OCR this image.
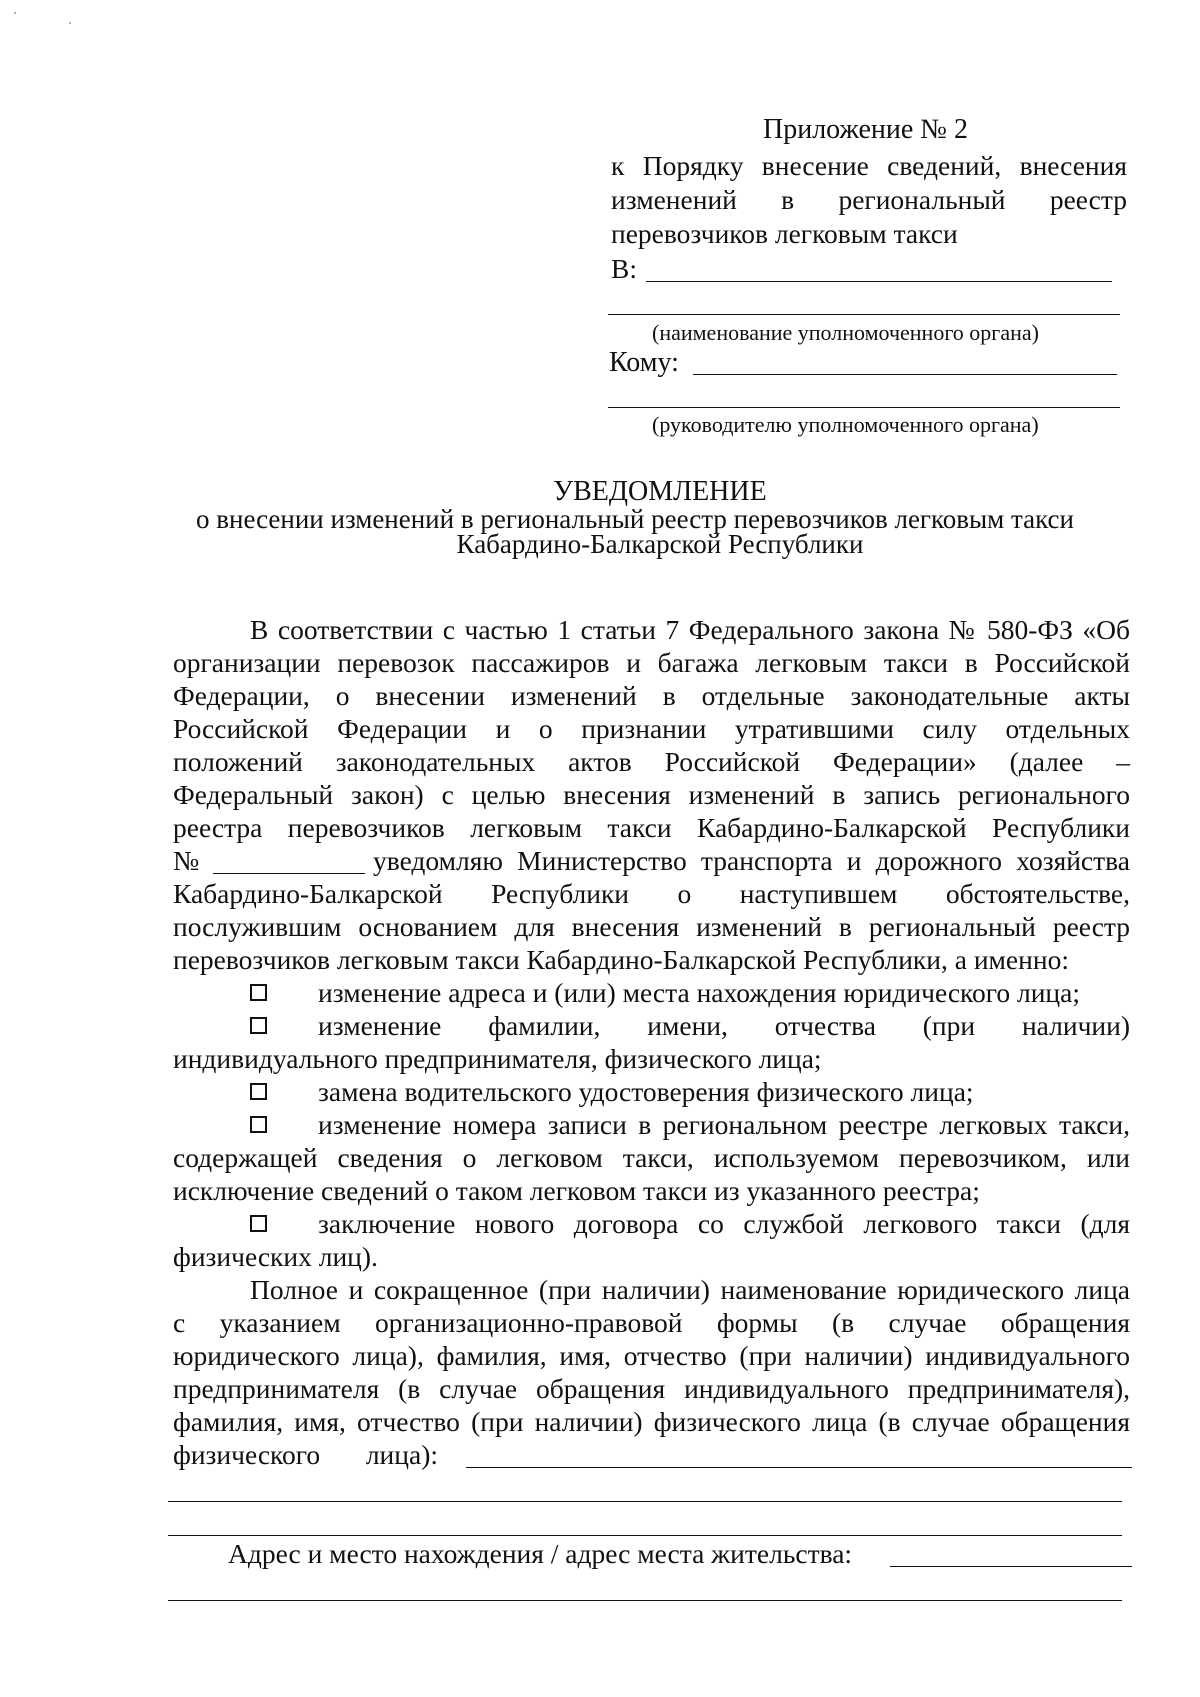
Приложение № 2
к Порядку внесение сведений, внесения
изменений в региональный реестр
перевозчиков легковым такси
В:
(наименование уполномоченного органа)
Кому:
(руководителю уполномоченного органа)
УВЕДОМЛЕНИЕ
о внесении изменений в региональный реестр перевозчиков легковым такси
Кабардино-Балкарской Республики
В соответствии с частью 1 статьи 7 Федерального закона № 580-ФЗ «Об
организации перевозок пассажиров и багажа легковым такси в Российской
Федерации, о внесении изменений в отдельные законодательные акты
Российской Федерации и о признании утратившими силу отдельных
положений законодательных актов Российской Федерации» (далее –
Федеральный закон) с целью внесения изменений в запись регионального
реестра перевозчиков легковым такси Кабардино-Балкарской Республики
№	уведомляю Министерство транспорта и дорожного хозяйства
Кабардино-Балкарской Республики о наступившем обстоятельстве,
послужившим основанием для внесения изменений в региональный реестр
перевозчиков легковым такси Кабардино-Балкарской Республики, а именно:
изменение адреса и (или) места нахождения юридического лица;
изменение фамилии, имени, отчества (при наличии)
индивидуального предпринимателя, физического лица;
замена водительского удостоверения физического лица;
изменение номера записи в региональном реестре легковых такси,
содержащей сведения о легковом такси, используемом перевозчиком, или
исключение сведений о таком легковом такси из указанного реестра;
заключение нового договора со службой легкового такси (для
физических лиц).
Полное и сокращенное (при наличии) наименование юридического лица
с указанием организационно-правовой формы (в случае обращения
юридического лица), фамилия, имя, отчество (при наличии) индивидуального
предпринимателя (в случае обращения индивидуального предпринимателя),
фамилия, имя, отчество (при наличии) физического лица (в случае обращения
физического лица):
Адрес и место нахождения / адрес места жительства:
